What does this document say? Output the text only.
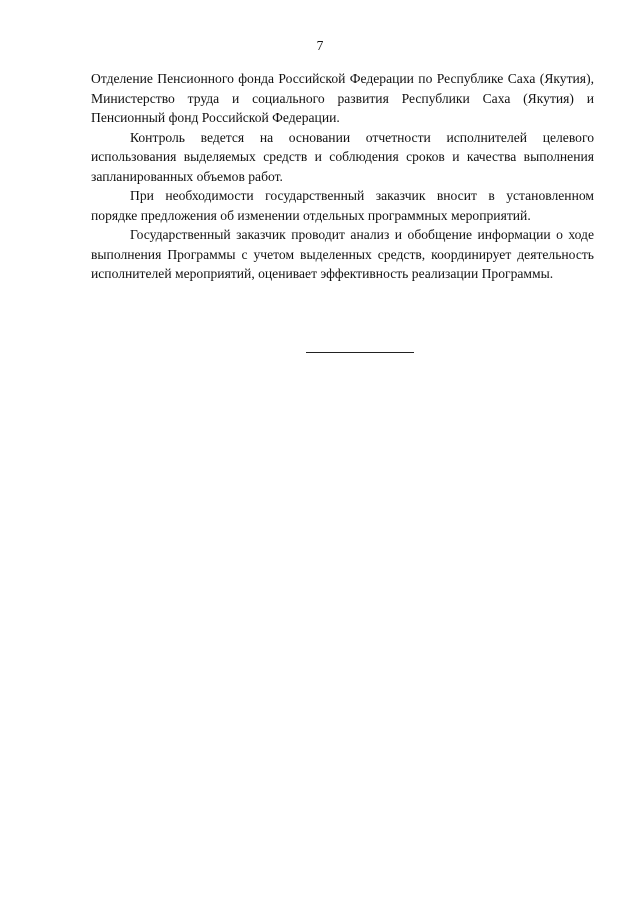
7

Отделение Пенсионного фонда Российской Федерации по Республике Саха (Якутия), Министерство труда и социального развития Республики Саха (Якутия) и Пенсионный фонд Российской Федерации.

Контроль ведется на основании отчетности исполнителей целевого использования выделяемых средств и соблюдения сроков и качества выполнения запланированных объемов работ.

При необходимости государственный заказчик вносит в установленном порядке предложения об изменении отдельных программных мероприятий.

Государственный заказчик проводит анализ и обобщение информации о ходе выполнения Программы с учетом выделенных средств, координирует деятельность исполнителей мероприятий, оценивает эффективность реализации Программы.
